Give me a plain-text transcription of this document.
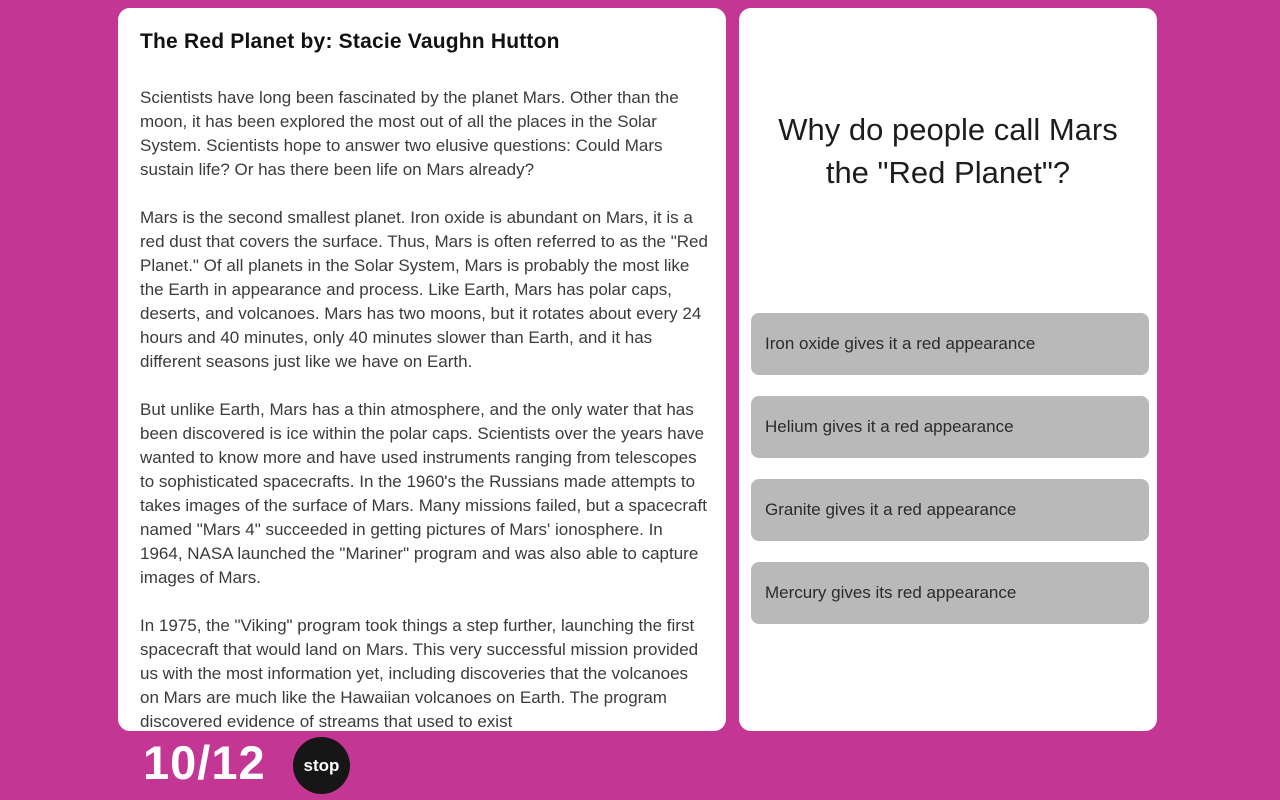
The Red Planet by: Stacie Vaughn Hutton

Scientists have long been fascinated by the planet Mars. Other than the moon, it has been explored the most out of all the places in the Solar System. Scientists hope to answer two elusive questions: Could Mars sustain life? Or has there been life on Mars already?

Mars is the second smallest planet. Iron oxide is abundant on Mars, it is a red dust that covers the surface. Thus, Mars is often referred to as the "Red Planet." Of all planets in the Solar System, Mars is probably the most like the Earth in appearance and process. Like Earth, Mars has polar caps, deserts, and volcanoes. Mars has two moons, but it rotates about every 24 hours and 40 minutes, only 40 minutes slower than Earth, and it has different seasons just like we have on Earth.

But unlike Earth, Mars has a thin atmosphere, and the only water that has been discovered is ice within the polar caps. Scientists over the years have wanted to know more and have used instruments ranging from telescopes to sophisticated spacecrafts. In the 1960's the Russians made attempts to takes images of the surface of Mars. Many missions failed, but a spacecraft named "Mars 4" succeeded in getting pictures of Mars' ionosphere. In 1964, NASA launched the "Mariner" program and was also able to capture images of Mars.

In 1975, the "Viking" program took things a step further, launching the first spacecraft that would land on Mars. This very successful mission provided us with the most information yet, including discoveries that the volcanoes on Mars are much like the Hawaiian volcanoes on Earth. The program discovered evidence of streams that used to exist

Why do people call Mars the "Red Planet"?
Iron oxide gives it a red appearance
Helium gives it a red appearance
Granite gives it a red appearance
Mercury gives its red appearance
10/12 stop
